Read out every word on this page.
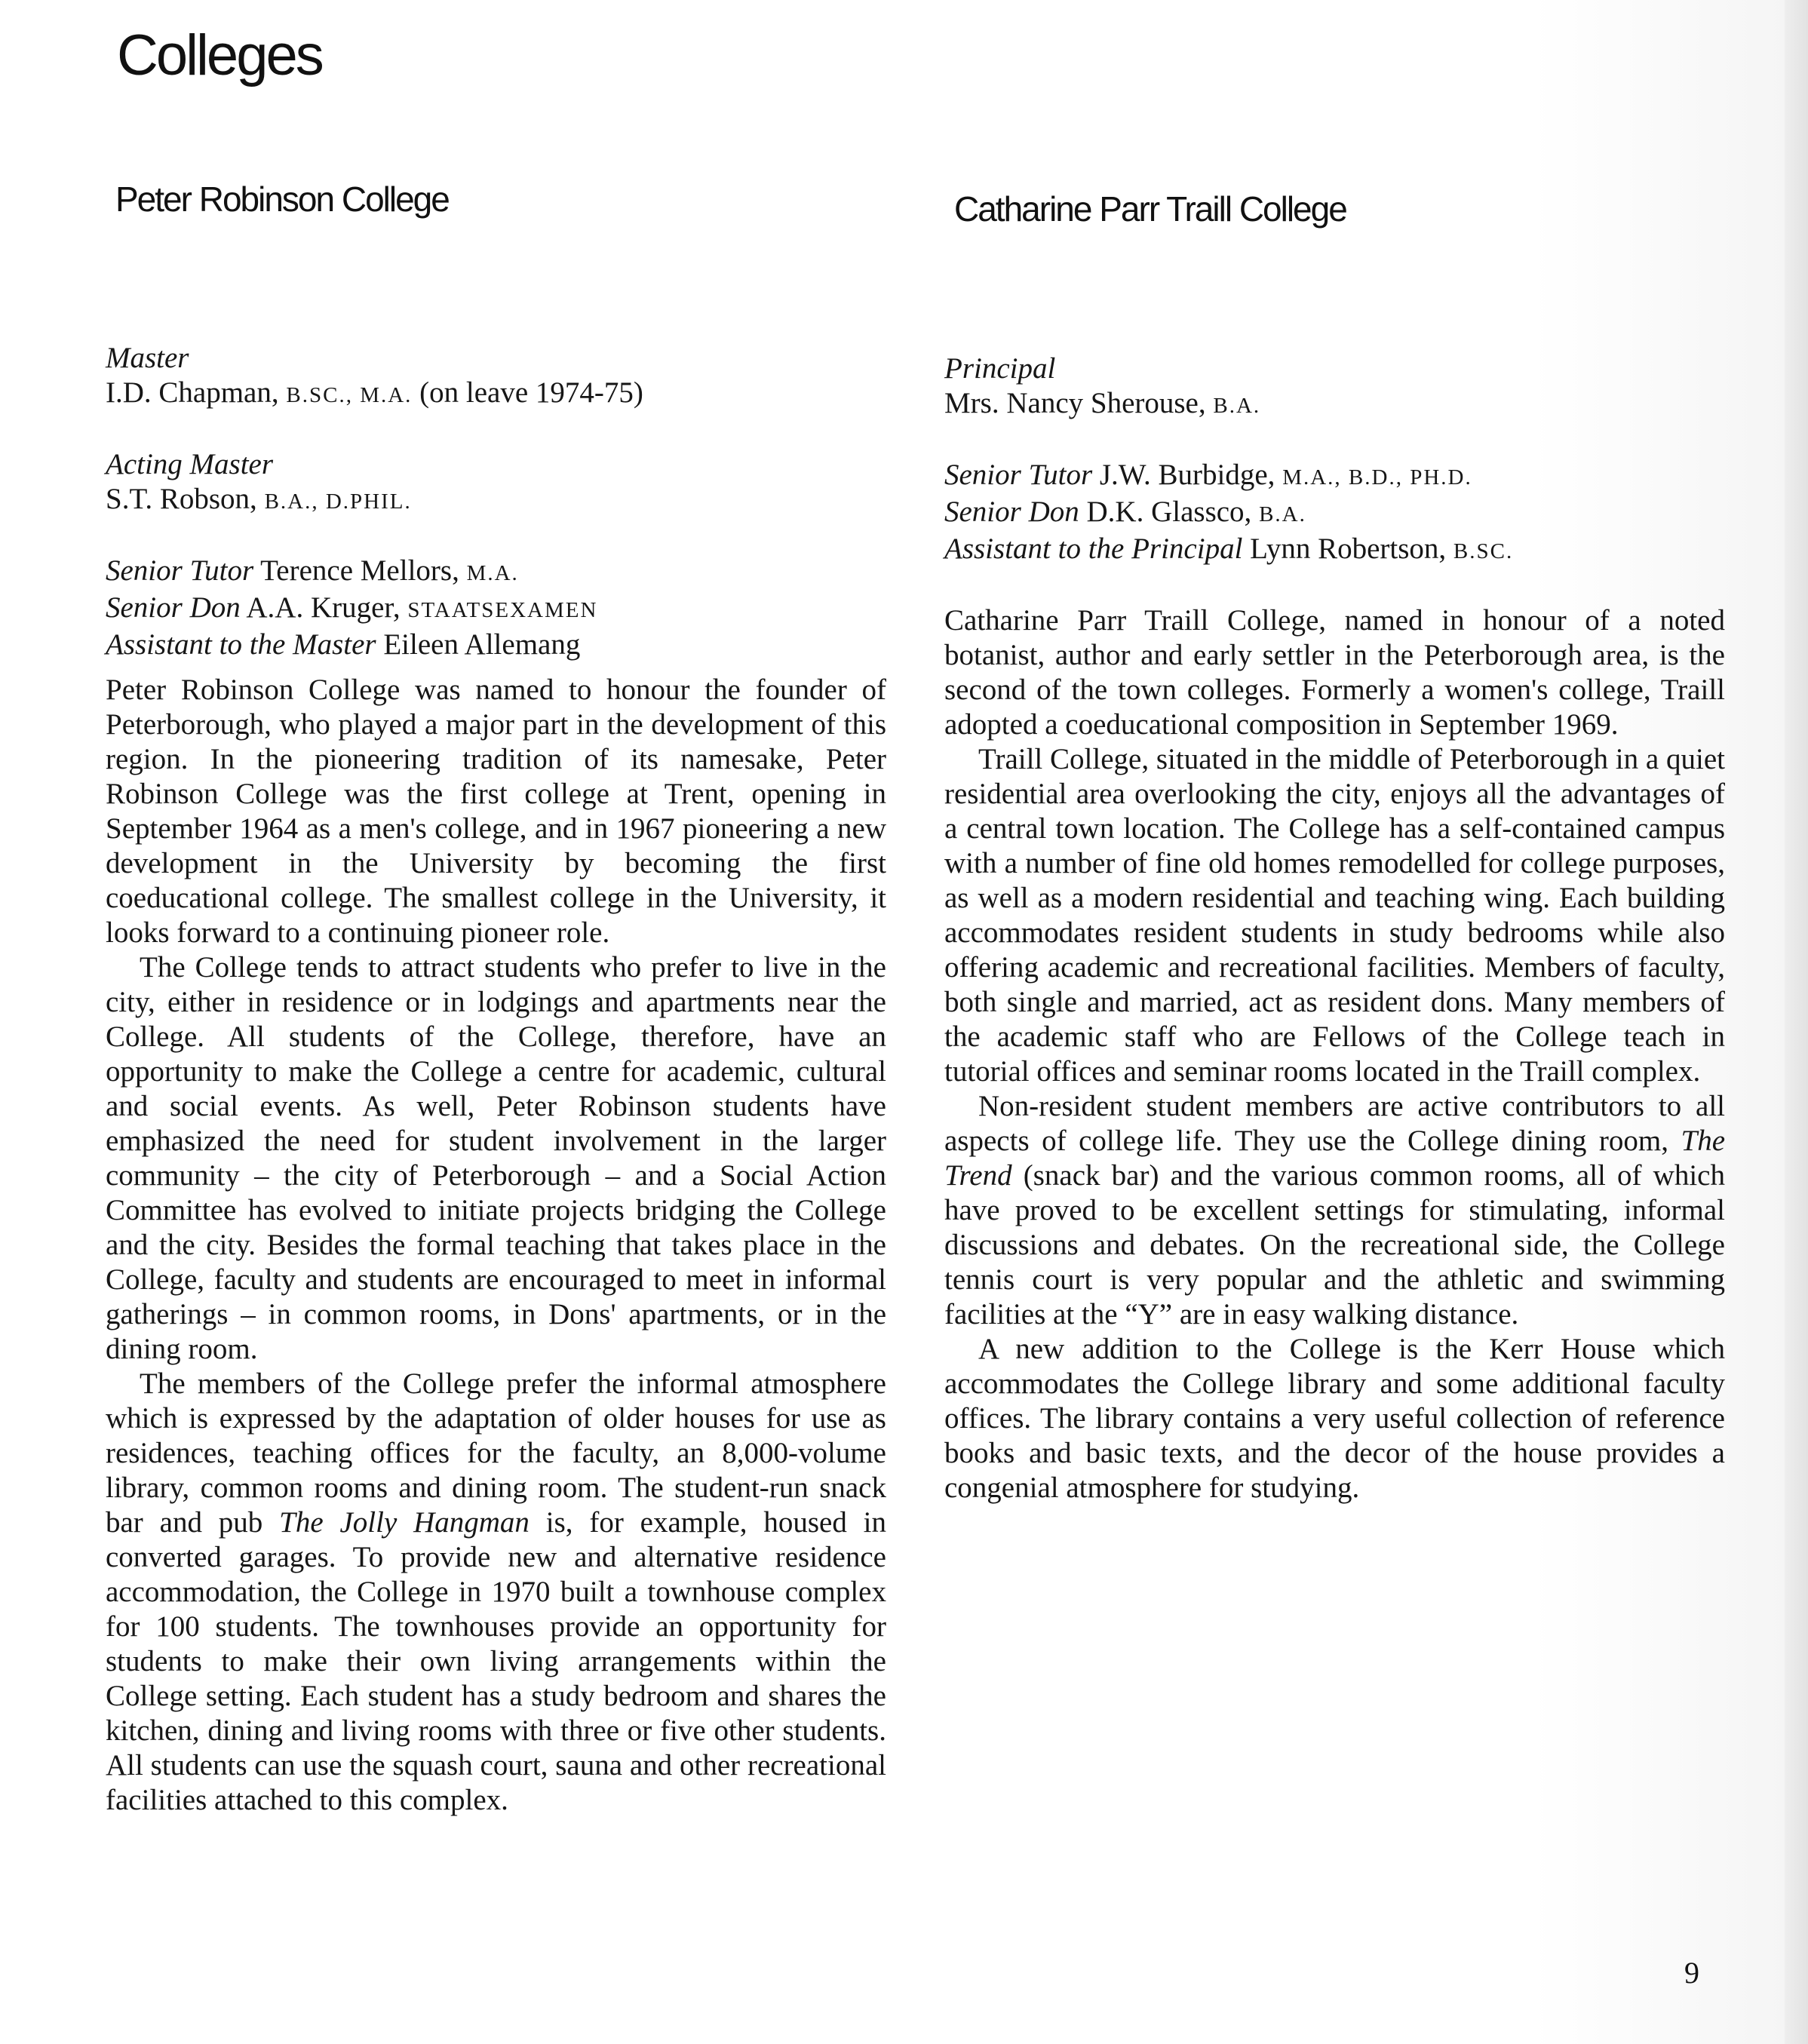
Colleges
Peter Robinson College	Catharine Parr Traill College
Master
I.D. Chapman, B.SC., M.A. (on leave 1974-75)
Acting Master
S.T. Robson, B.A., D.PHIL.
Senior Tutor Terence Mellors, M.A.
Senior Don A.A. Kruger, STAATSEXAMEN
Assistant to the Master Eileen Allemang

Peter Robinson College was named to honour the founder of Peterborough, who played a major part in the development of this region. In the pioneering tradition of its namesake, Peter Robinson College was the first college at Trent, opening in September 1964 as a men's college, and in 1967 pioneering a new development in the University by becoming the first coeducational college. The smallest college in the University, it looks forward to a continuing pioneer role.

The College tends to attract students who prefer to live in the city, either in residence or in lodgings and apartments near the College. All students of the College, therefore, have an opportunity to make the College a centre for academic, cultural and social events. As well, Peter Robinson students have emphasized the need for student involvement in the larger community – the city of Peterborough – and a Social Action Committee has evolved to initiate projects bridging the College and the city. Besides the formal teaching that takes place in the College, faculty and students are encouraged to meet in informal gatherings – in common rooms, in Dons' apartments, or in the dining room.

The members of the College prefer the informal atmosphere which is expressed by the adaptation of older houses for use as residences, teaching offices for the faculty, an 8,000-volume library, common rooms and dining room. The student-run snack bar and pub The Jolly Hangman is, for example, housed in converted garages. To provide new and alternative residence accommodation, the College in 1970 built a townhouse complex for 100 students. The townhouses provide an opportunity for students to make their own living arrangements within the College setting. Each student has a study bedroom and shares the kitchen, dining and living rooms with three or five other students. All students can use the squash court, sauna and other recreational facilities attached to this complex.

Principal
Mrs. Nancy Sherouse, B.A.
Senior Tutor J.W. Burbidge, M.A., B.D., PH.D.
Senior Don D.K. Glassco, B.A.
Assistant to the Principal Lynn Robertson, B.SC.

Catharine Parr Traill College, named in honour of a noted botanist, author and early settler in the Peterborough area, is the second of the town colleges. Formerly a women's college, Traill adopted a coeducational composition in September 1969.

Traill College, situated in the middle of Peterborough in a quiet residential area overlooking the city, enjoys all the advantages of a central town location. The College has a self-contained campus with a number of fine old homes remodelled for college purposes, as well as a modern residential and teaching wing. Each building accommodates resident students in study bedrooms while also offering academic and recreational facilities. Members of faculty, both single and married, act as resident dons. Many members of the academic staff who are Fellows of the College teach in tutorial offices and seminar rooms located in the Traill complex.

Non-resident student members are active contributors to all aspects of college life. They use the College dining room, The Trend (snack bar) and the various common rooms, all of which have proved to be excellent settings for stimulating, informal discussions and debates. On the recreational side, the College tennis court is very popular and the athletic and swimming facilities at the “Y” are in easy walking distance.

A new addition to the College is the Kerr House which accommodates the College library and some additional faculty offices. The library contains a very useful collection of reference books and basic texts, and the decor of the house provides a congenial atmosphere for studying.

9
